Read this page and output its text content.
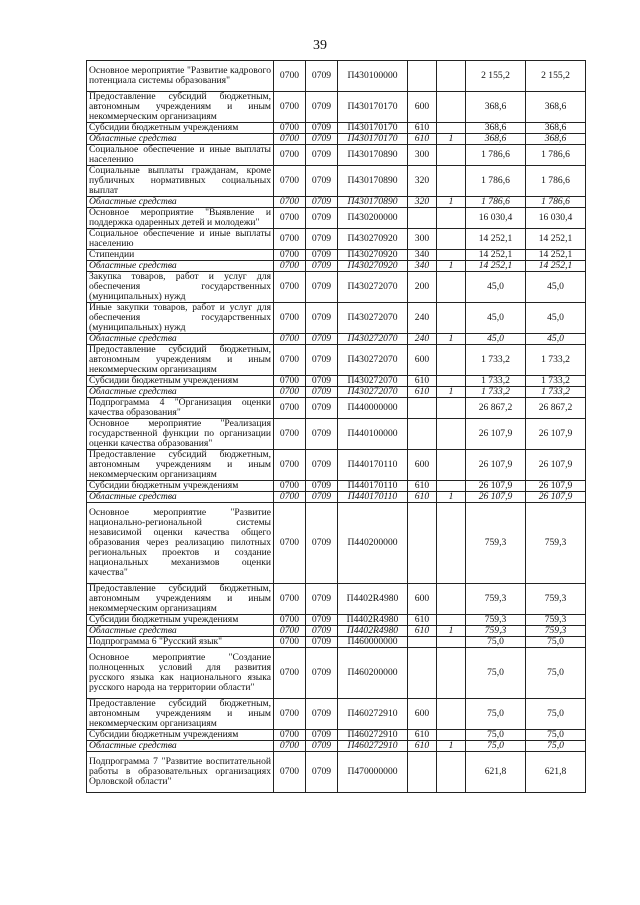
39
Основное мероприятие "Развитие кадрового потенциала системы образования"	0700	0709	П430100000			2 155,2	2 155,2
Предоставление субсидий бюджетным, автономным учреждениям и иным некоммерческим организациям	0700	0709	П430170170	600		368,6	368,6
Субсидии бюджетным учреждениям	0700	0709	П430170170	610		368,6	368,6
Областные средства	0700	0709	П430170170	610	1	368,6	368,6
Социальное обеспечение и иные выплаты населению	0700	0709	П430170890	300		1 786,6	1 786,6
Социальные выплаты гражданам, кроме публичных нормативных социальных выплат	0700	0709	П430170890	320		1 786,6	1 786,6
Областные средства	0700	0709	П430170890	320	1	1 786,6	1 786,6
Основное мероприятие "Выявление и поддержка одаренных детей и молодежи"	0700	0709	П430200000			16 030,4	16 030,4
Социальное обеспечение и иные выплаты населению	0700	0709	П430270920	300		14 252,1	14 252,1
Стипендии	0700	0709	П430270920	340		14 252,1	14 252,1
Областные средства	0700	0709	П430270920	340	1	14 252,1	14 252,1
Закупка товаров, работ и услуг для обеспечения государственных (муниципальных) нужд	0700	0709	П430272070	200		45,0	45,0
Иные закупки товаров, работ и услуг для обеспечения государственных (муниципальных) нужд	0700	0709	П430272070	240		45,0	45,0
Областные средства	0700	0709	П430272070	240	1	45,0	45,0
Предоставление субсидий бюджетным, автономным учреждениям и иным некоммерческим организациям	0700	0709	П430272070	600		1 733,2	1 733,2
Субсидии бюджетным учреждениям	0700	0709	П430272070	610		1 733,2	1 733,2
Областные средства	0700	0709	П430272070	610	1	1 733,2	1 733,2
Подпрограмма 4 "Организация оценки качества образования"	0700	0709	П440000000			26 867,2	26 867,2
Основное мероприятие "Реализация государственной функции по организации оценки качества образования"	0700	0709	П440100000			26 107,9	26 107,9
Предоставление субсидий бюджетным, автономным учреждениям и иным некоммерческим организациям	0700	0709	П440170110	600		26 107,9	26 107,9
Субсидии бюджетным учреждениям	0700	0709	П440170110	610		26 107,9	26 107,9
Областные средства	0700	0709	П440170110	610	1	26 107,9	26 107,9
Основное мероприятие "Развитие национально-региональной системы независимой оценки качества общего образования через реализацию пилотных региональных проектов и создание национальных механизмов оценки качества"	0700	0709	П440200000			759,3	759,3
Предоставление субсидий бюджетным, автономным учреждениям и иным некоммерческим организациям	0700	0709	П4402R4980	600		759,3	759,3
Субсидии бюджетным учреждениям	0700	0709	П4402R4980	610		759,3	759,3
Областные средства	0700	0709	П4402R4980	610	1	759,3	759,3
Подпрограмма 6 "Русский язык"	0700	0709	П460000000			75,0	75,0
Основное мероприятие "Создание полноценных условий для развития русского языка как национального языка русского народа на территории области"	0700	0709	П460200000			75,0	75,0
Предоставление субсидий бюджетным, автономным учреждениям и иным некоммерческим организациям	0700	0709	П460272910	600		75,0	75,0
Субсидии бюджетным учреждениям	0700	0709	П460272910	610		75,0	75,0
Областные средства	0700	0709	П460272910	610	1	75,0	75,0
Подпрограмма 7 "Развитие воспитательной работы в образовательных организациях Орловской области"	0700	0709	П470000000			621,8	621,8
